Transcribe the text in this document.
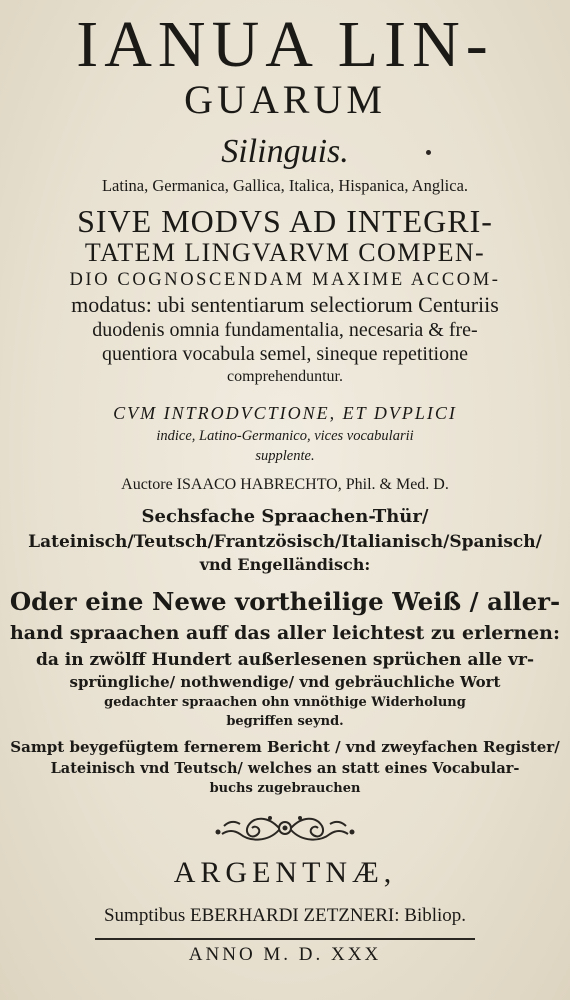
IANUA LIN-
GUARUM
Silinguis.
Latina, Germanica, Gallica, Italica, Hispanica, Anglica.
SIVE MODVS AD INTEGRI-
TATEM LINGVARVM COMPEN-
DIO COGNOSCENDAM MAXIME ACCOM-
modatus: ubi sententiarum selectiorum Centuriis
duodenis omnia fundamentalia, necesaria & fre-
quentiora vocabula semel, sineque repetitione
comprehenduntur.
CVM INTRODVCTIONE, ET DVPLICI
indice, Latino-Germanico, vices vocabularii
supplente.
Auctore ISAACO HABRECHTO, Phil. & Med. D.
Sechsfache Spraachen-Thür/
Lateinisch/Teutsch/Frantzösisch/Italianisch/Spanisch/
vnd Engelländisch:
Oder eine Newe vortheilige Weiß / aller-
hand spraachen auff das aller leichtest zu erlernen:
da in zwölff Hundert außerlesenen sprüchen alle vr-
sprüngliche/ nothwendige/ vnd gebräuchliche Wort
gedachter spraachen ohn vnnöthige Widerholung
begriffen seynd.
Sampt beygefügtem fernerem Bericht / vnd zweyfachen Register/
Lateinisch vnd Teutsch/ welches an statt eines Vocabular-
buchs zugebrauchen
ARGENTNÆ,
Sumptibus EBERHARDI ZETZNERI: Bibliop.
ANNO M. D. XXX
